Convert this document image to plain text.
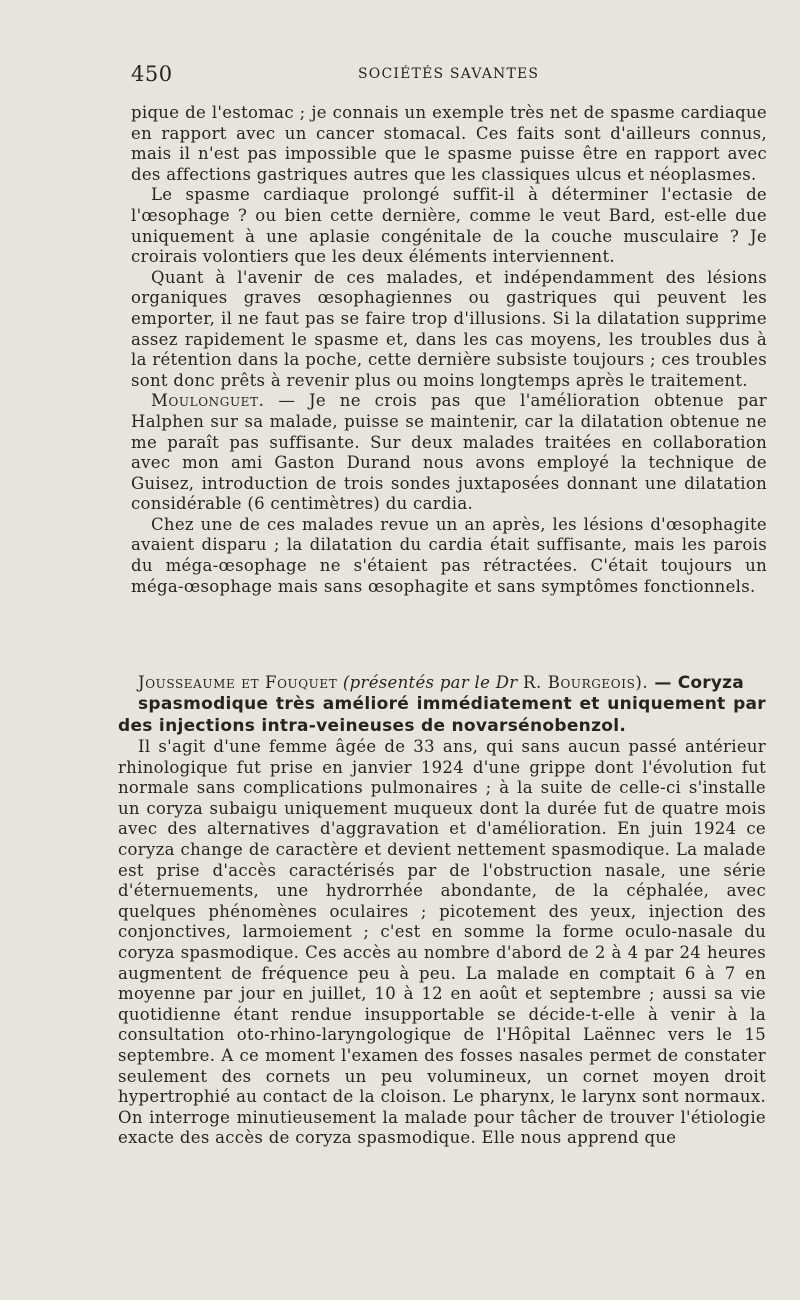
450	SOCIÉTÉS SAVANTES

pique de l'estomac ; je connais un exemple très net de spasme cardiaque en rapport avec un cancer stomacal. Ces faits sont d'ailleurs connus, mais il n'est pas impossible que le spasme puisse être en rapport avec des affections gastriques autres que les classiques ulcus et néoplasmes.

Le spasme cardiaque prolongé suffit-il à déterminer l'ectasie de l'œsophage ? ou bien cette dernière, comme le veut Bard, est-elle due uniquement à une aplasie congénitale de la couche musculaire ? Je croirais volontiers que les deux éléments interviennent.

Quant à l'avenir de ces malades, et indépendamment des lésions organiques graves œsophagiennes ou gastriques qui peuvent les emporter, il ne faut pas se faire trop d'illusions. Si la dilatation supprime assez rapidement le spasme et, dans les cas moyens, les troubles dus à la rétention dans la poche, cette dernière subsiste toujours ; ces troubles sont donc prêts à revenir plus ou moins longtemps après le traitement.

Moulonguet. — Je ne crois pas que l'amélioration obtenue par Halphen sur sa malade, puisse se maintenir, car la dilatation obtenue ne me paraît pas suffisante. Sur deux malades traitées en collaboration avec mon ami Gaston Durand nous avons employé la technique de Guisez, introduction de trois sondes juxtaposées donnant une dilatation considérable (6 centimètres) du cardia.

Chez une de ces malades revue un an après, les lésions d'œsophagite avaient disparu ; la dilatation du cardia était suffisante, mais les parois du méga-œsophage ne s'étaient pas rétractées. C'était toujours un méga-œsophage mais sans œsophagite et sans symptômes fonctionnels.

Jousseaume et Fouquet (présentés par le Dr R. Bourgeois). — Coryza

spasmodique très amélioré immédiatement et uniquement par des injections intra-veineuses de novarsénobenzol.

Il s'agit d'une femme âgée de 33 ans, qui sans aucun passé antérieur rhinologique fut prise en janvier 1924 d'une grippe dont l'évolution fut normale sans complications pulmonaires ; à la suite de celle-ci s'installe un coryza subaigu uniquement muqueux dont la durée fut de quatre mois avec des alternatives d'aggravation et d'amélioration. En juin 1924 ce coryza change de caractère et devient nettement spasmodique. La malade est prise d'accès caractérisés par de l'obstruction nasale, une série d'éternuements, une hydrorrhée abondante, de la céphalée, avec quelques phénomènes oculaires ; picotement des yeux, injection des conjonctives, larmoiement ; c'est en somme la forme oculo-nasale du coryza spasmodique. Ces accès au nombre d'abord de 2 à 4 par 24 heures augmentent de fréquence peu à peu. La malade en comptait 6 à 7 en moyenne par jour en juillet, 10 à 12 en août et septembre ; aussi sa vie quotidienne étant rendue insupportable se décide-t-elle à venir à la consultation oto-rhino-laryngologique de l'Hôpital Laënnec vers le 15 septembre. A ce moment l'examen des fosses nasales permet de constater seulement des cornets un peu volumineux, un cornet moyen droit hypertrophié au contact de la cloison. Le pharynx, le larynx sont normaux. On interroge minutieusement la malade pour tâcher de trouver l'étiologie exacte des accès de coryza spasmodique. Elle nous apprend que
